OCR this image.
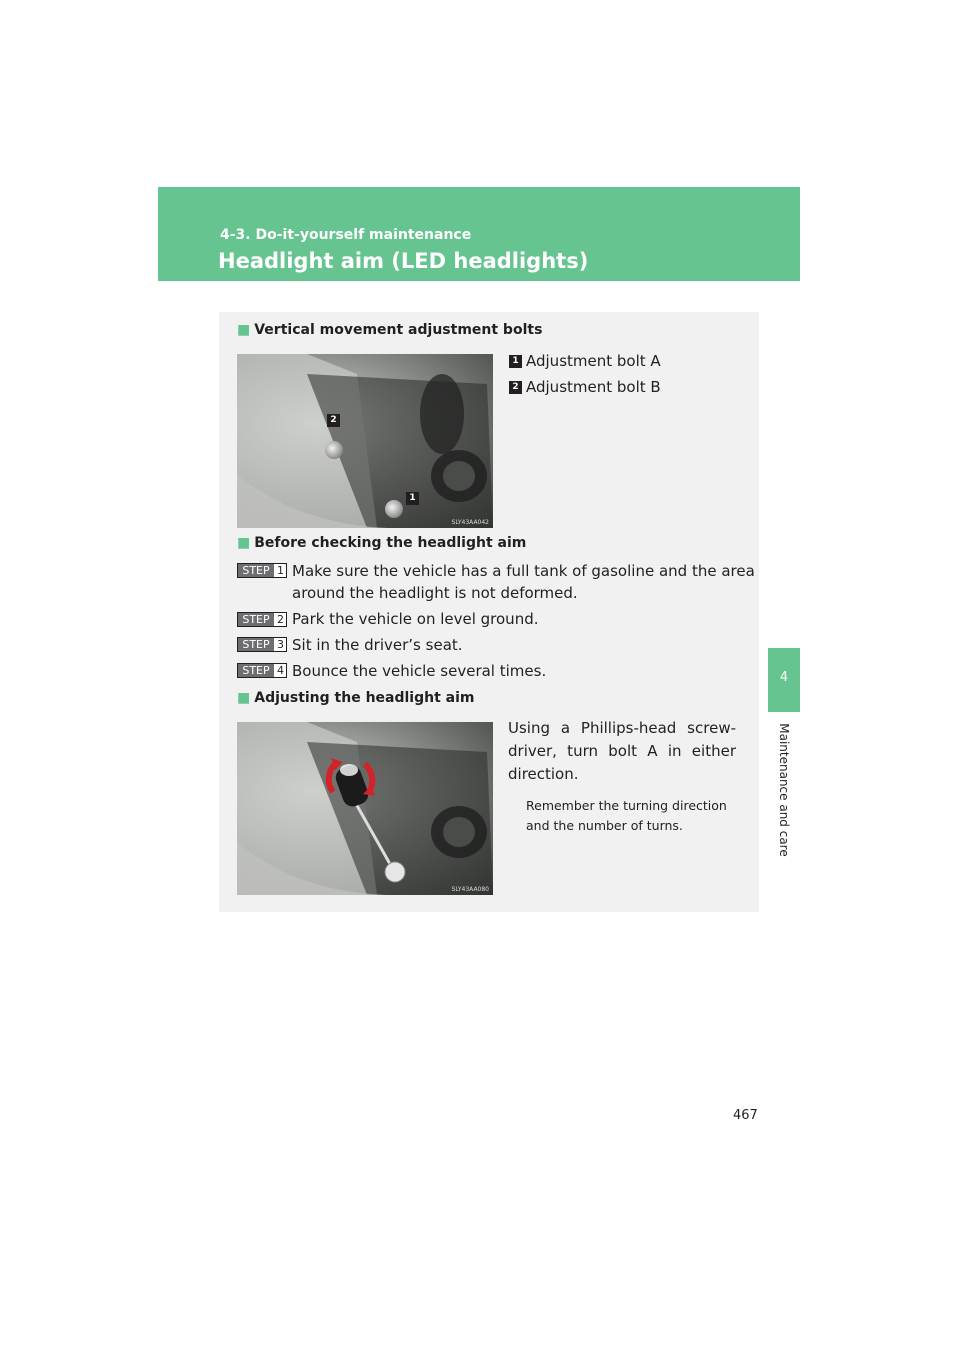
4-3. Do-it-yourself maintenance
Headlight aim (LED headlights)
4
Maintenance and care
■ Vertical movement adjustment bolts
2
1
SLY43AA042
1 Adjustment bolt A
2 Adjustment bolt B
■ Before checking the headlight aim
STEP 1 Make sure the vehicle has a full tank of gasoline and the area
around the headlight is not deformed.
STEP 2 Park the vehicle on level ground.
STEP 3 Sit in the driver’s seat.
STEP 4 Bounce the vehicle several times.
■ Adjusting the headlight aim
SLY43AA080
Using a Phillips-head screw-driver, turn bolt A in either direction.
Remember the turning direction
and the number of turns.
467
